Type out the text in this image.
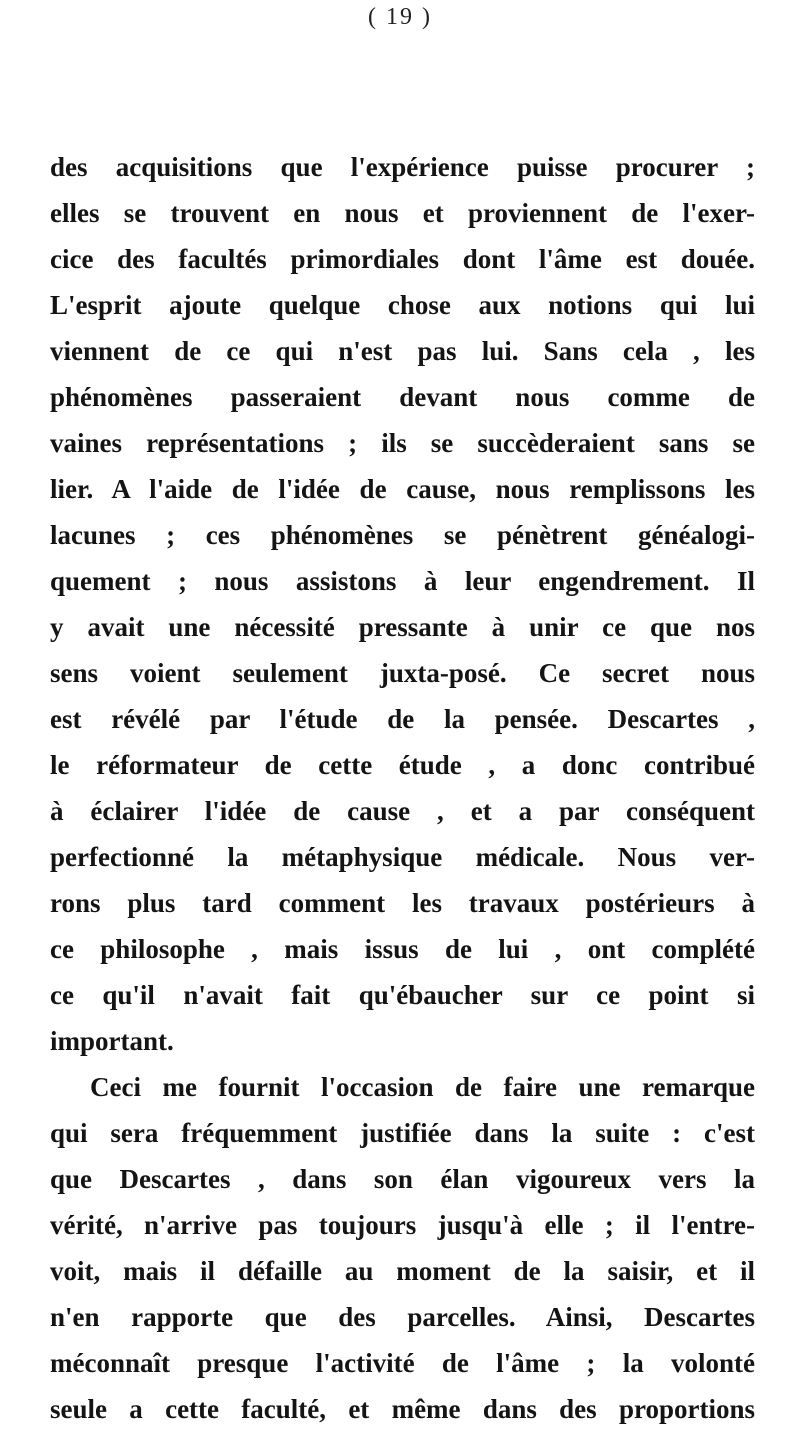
( 19 )
des acquisitions que l'expérience puisse procurer ;
elles se trouvent en nous et proviennent de l'exer-
cice des facultés primordiales dont l'âme est douée.
L'esprit ajoute quelque chose aux notions qui lui
viennent de ce qui n'est pas lui. Sans cela , les
phénomènes passeraient devant nous comme de
vaines représentations ; ils se succèderaient sans se
lier. A l'aide de l'idée de cause, nous remplissons les
lacunes ; ces phénomènes se pénètrent généalogi-
quement ; nous assistons à leur engendrement. Il
y avait une nécessité pressante à unir ce que nos
sens voient seulement juxta-posé. Ce secret nous
est révélé par l'étude de la pensée. Descartes ,
le réformateur de cette étude , a donc contribué
à éclairer l'idée de cause , et a par conséquent
perfectionné la métaphysique médicale. Nous ver-
rons plus tard comment les travaux postérieurs à
ce philosophe , mais issus de lui , ont complété
ce qu'il n'avait fait qu'ébaucher sur ce point si
important.
Ceci me fournit l'occasion de faire une remarque
qui sera fréquemment justifiée dans la suite : c'est
que Descartes , dans son élan vigoureux vers la
vérité, n'arrive pas toujours jusqu'à elle ; il l'entre-
voit, mais il défaille au moment de la saisir, et il
n'en rapporte que des parcelles. Ainsi, Descartes
méconnaît presque l'activité de l'âme ; la volonté
seule a cette faculté, et même dans des proportions
